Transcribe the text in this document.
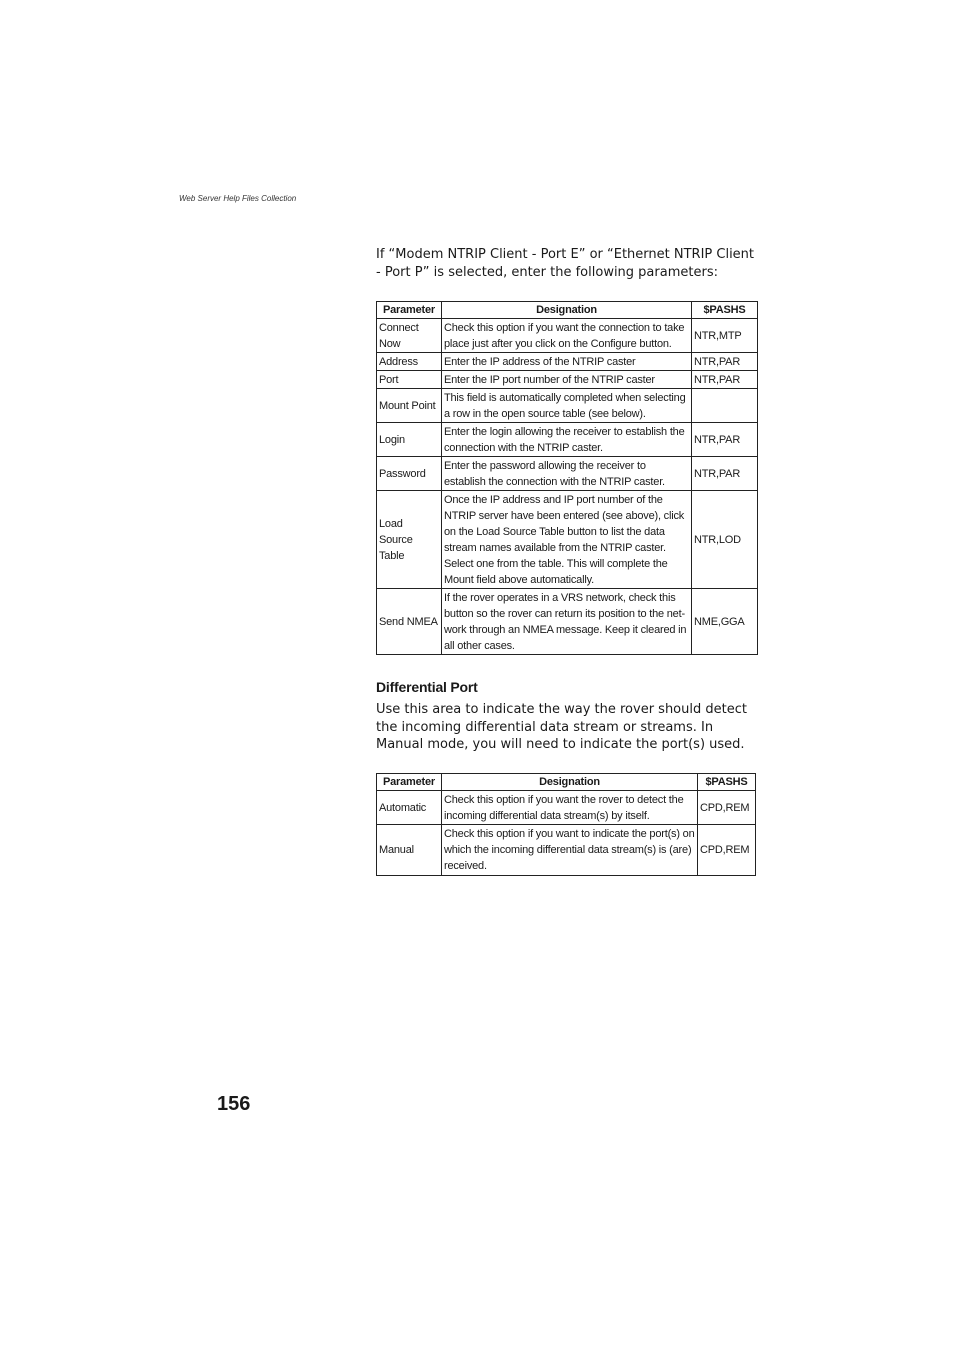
Web Server Help Files Collection

If “Modem NTRIP Client - Port E” or “Ethernet NTRIP Client - Port P” is selected, enter the following parameters:

Parameter	Designation	$PASHS
Connect Now	Check this option if you want the connection to take place just after you click on the Configure button.	NTR,MTP
Address	Enter the IP address of the NTRIP caster	NTR,PAR
Port	Enter the IP port number of the NTRIP caster	NTR,PAR
Mount Point	This field is automatically completed when selecting a row in the open source table (see below).	
Login	Enter the login allowing the receiver to establish the connection with the NTRIP caster.	NTR,PAR
Password	Enter the password allowing the receiver to establish the connection with the NTRIP caster.	NTR,PAR
Load Source Table	Once the IP address and IP port number of the NTRIP server have been entered (see above), click on the Load Source Table button to list the data stream names available from the NTRIP caster. Select one from the table. This will complete the Mount field above automatically.	NTR,LOD
Send NMEA	If the rover operates in a VRS network, check this button so the rover can return its position to the net-work through an NMEA message. Keep it cleared in all other cases.	NME,GGA
Differential Port

Use this area to indicate the way the rover should detect the incoming differential data stream or streams. In Manual mode, you will need to indicate the port(s) used.

Parameter	Designation	$PASHS
Automatic	Check this option if you want the rover to detect the incoming differential data stream(s) by itself.	CPD,REM
Manual	Check this option if you want to indicate the port(s) on which the incoming differential data stream(s) is (are) received.	CPD,REM
156
